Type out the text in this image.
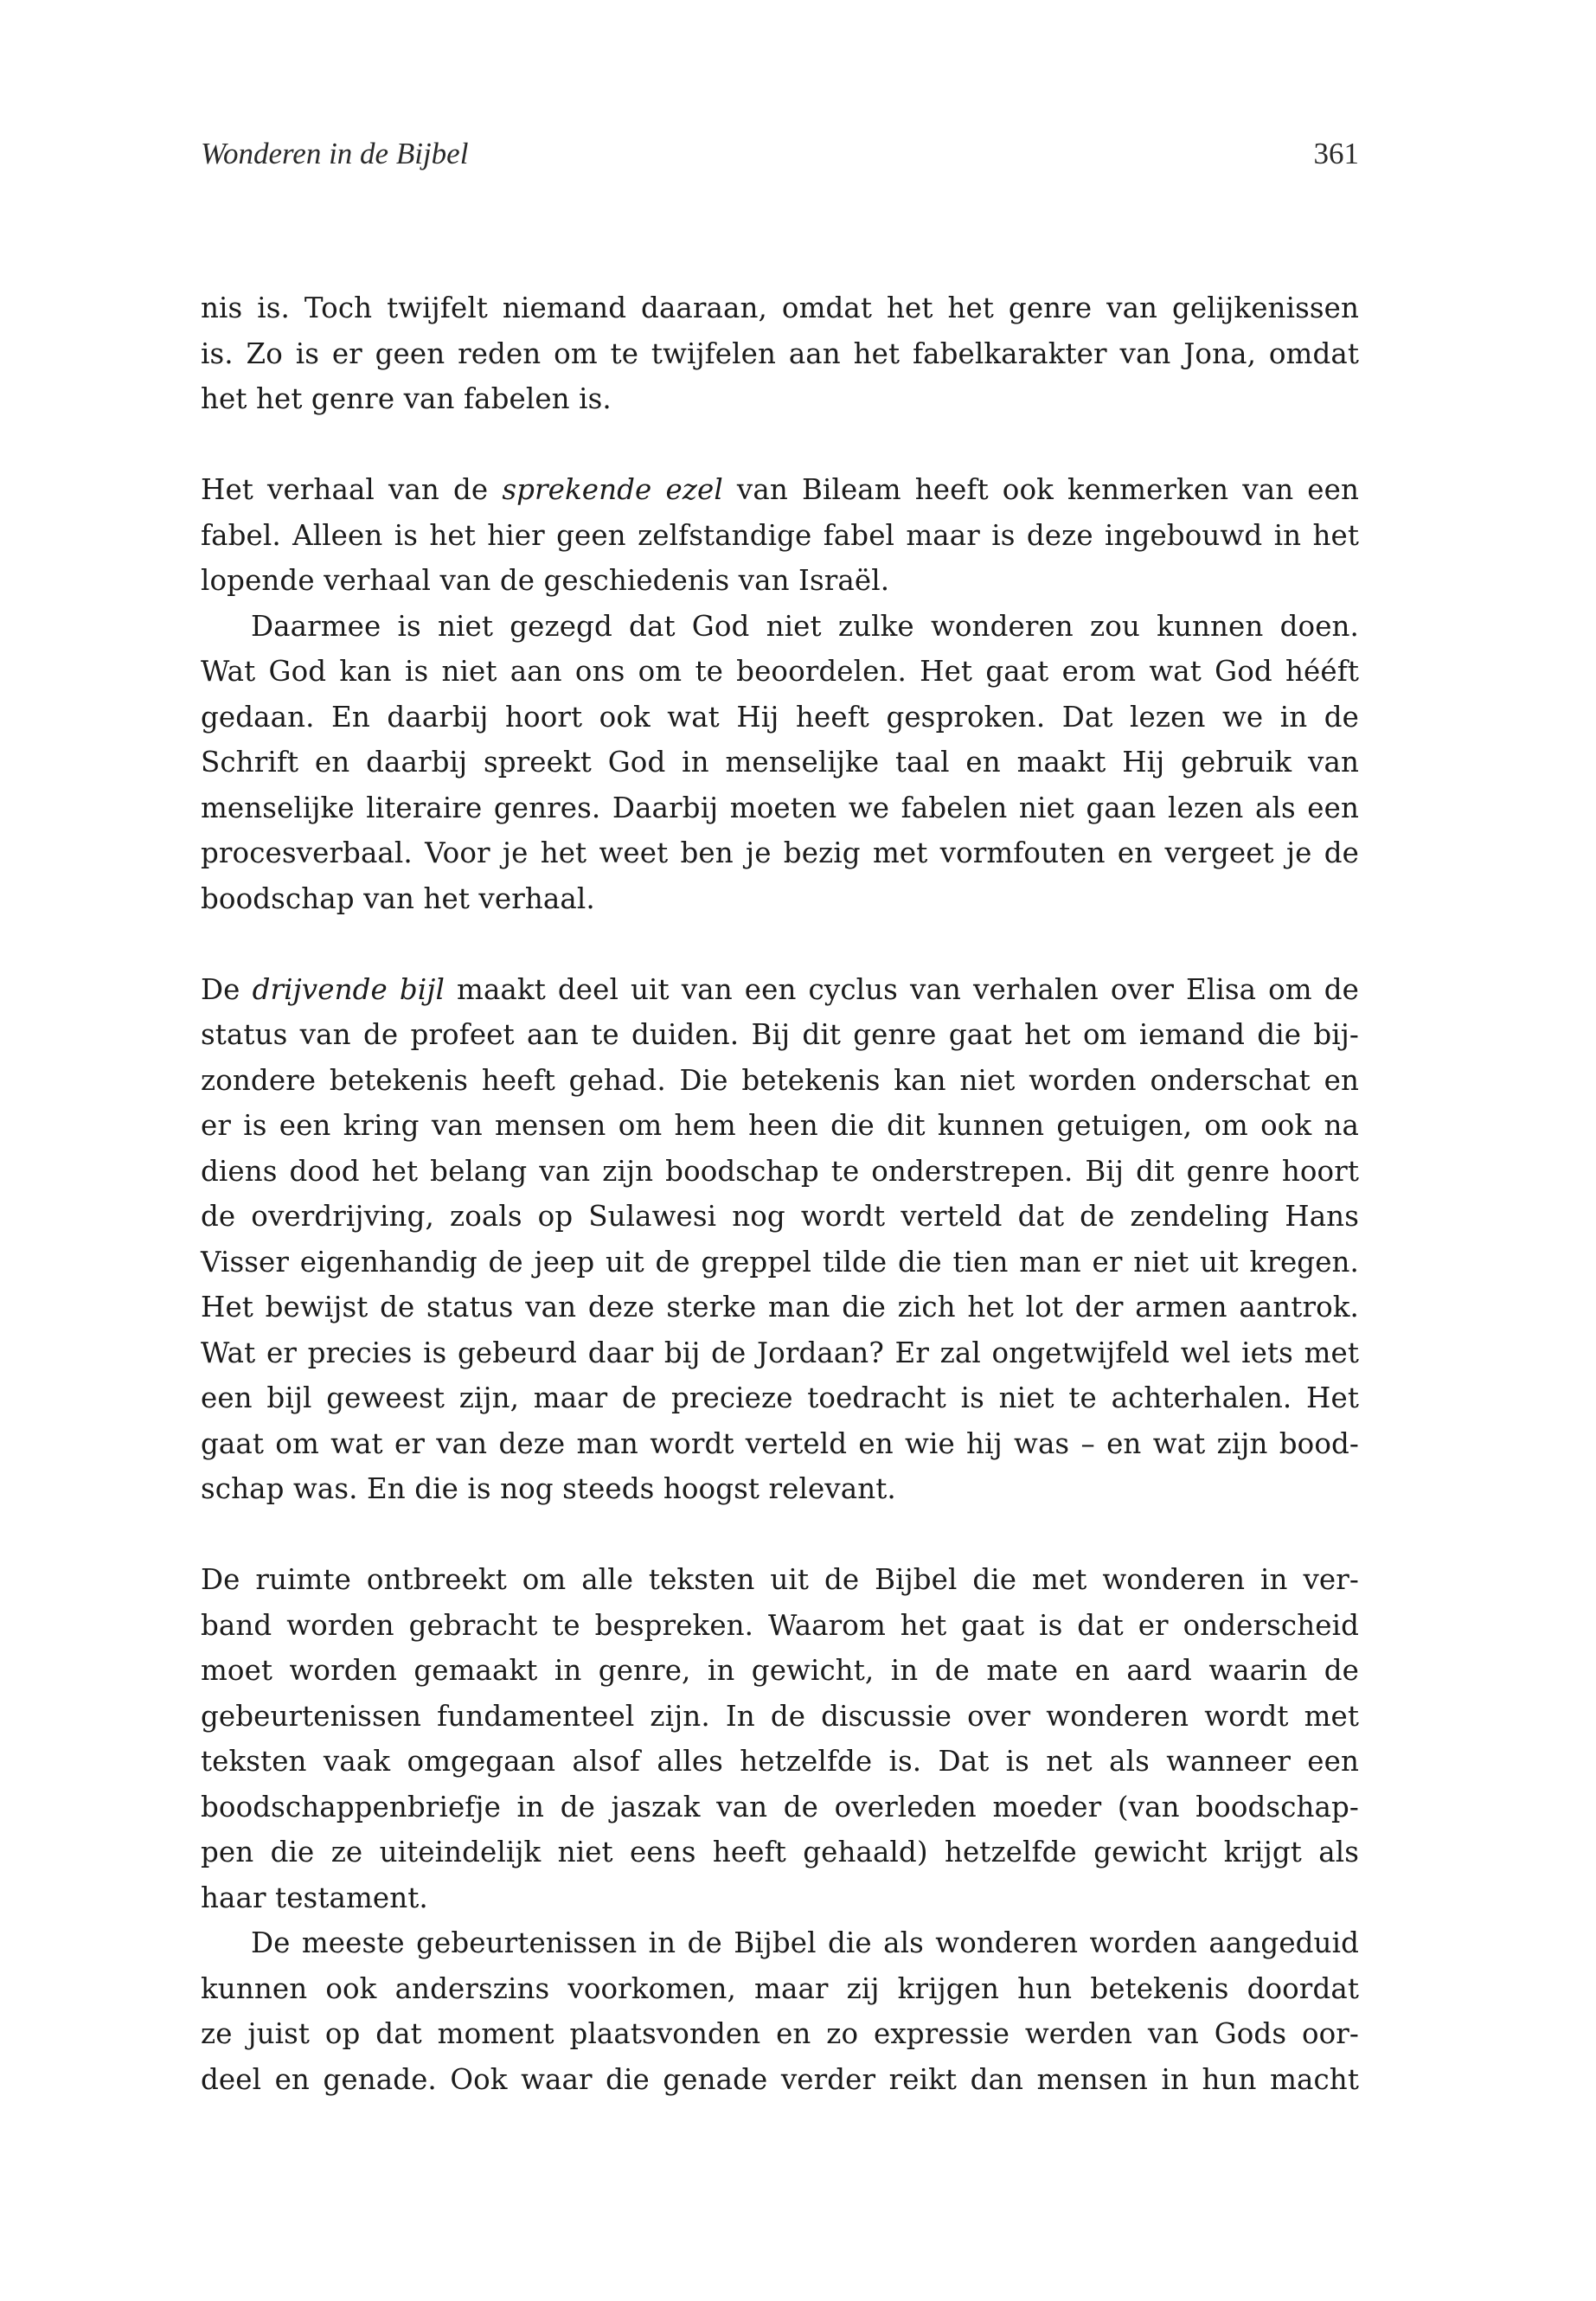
Wonderen in de Bijbel	361
nis is. Toch twijfelt niemand daaraan, omdat het het genre van gelijkenissen
is. Zo is er geen reden om te twijfelen aan het fabelkarakter van Jona, omdat
het het genre van fabelen is.
Het verhaal van de sprekende ezel van Bileam heeft ook kenmerken van een
fabel. Alleen is het hier geen zelfstandige fabel maar is deze ingebouwd in het
lopende verhaal van de geschiedenis van Israël.
Daarmee is niet gezegd dat God niet zulke wonderen zou kunnen doen.
Wat God kan is niet aan ons om te beoordelen. Het gaat erom wat God hééft
gedaan. En daarbij hoort ook wat Hij heeft gesproken. Dat lezen we in de
Schrift en daarbij spreekt God in menselijke taal en maakt Hij gebruik van
menselijke literaire genres. Daarbij moeten we fabelen niet gaan lezen als een
procesverbaal. Voor je het weet ben je bezig met vormfouten en vergeet je de
boodschap van het verhaal.
De drijvende bijl maakt deel uit van een cyclus van verhalen over Elisa om de
status van de profeet aan te duiden. Bij dit genre gaat het om iemand die bij-
zondere betekenis heeft gehad. Die betekenis kan niet worden onderschat en
er is een kring van mensen om hem heen die dit kunnen getuigen, om ook na
diens dood het belang van zijn boodschap te onderstrepen. Bij dit genre hoort
de overdrijving, zoals op Sulawesi nog wordt verteld dat de zendeling Hans
Visser eigenhandig de jeep uit de greppel tilde die tien man er niet uit kregen.
Het bewijst de status van deze sterke man die zich het lot der armen aantrok.
Wat er precies is gebeurd daar bij de Jordaan? Er zal ongetwijfeld wel iets met
een bijl geweest zijn, maar de precieze toedracht is niet te achterhalen. Het
gaat om wat er van deze man wordt verteld en wie hij was – en wat zijn bood-
schap was. En die is nog steeds hoogst relevant.
De ruimte ontbreekt om alle teksten uit de Bijbel die met wonderen in ver-
band worden gebracht te bespreken. Waarom het gaat is dat er onderscheid
moet worden gemaakt in genre, in gewicht, in de mate en aard waarin de
gebeurtenissen fundamenteel zijn. In de discussie over wonderen wordt met
teksten vaak omgegaan alsof alles hetzelfde is. Dat is net als wanneer een
boodschappenbriefje in de jaszak van de overleden moeder (van boodschap-
pen die ze uiteindelijk niet eens heeft gehaald) hetzelfde gewicht krijgt als
haar testament.
De meeste gebeurtenissen in de Bijbel die als wonderen worden aangeduid
kunnen ook anderszins voorkomen, maar zij krijgen hun betekenis doordat
ze juist op dat moment plaatsvonden en zo expressie werden van Gods oor-
deel en genade. Ook waar die genade verder reikt dan mensen in hun macht
